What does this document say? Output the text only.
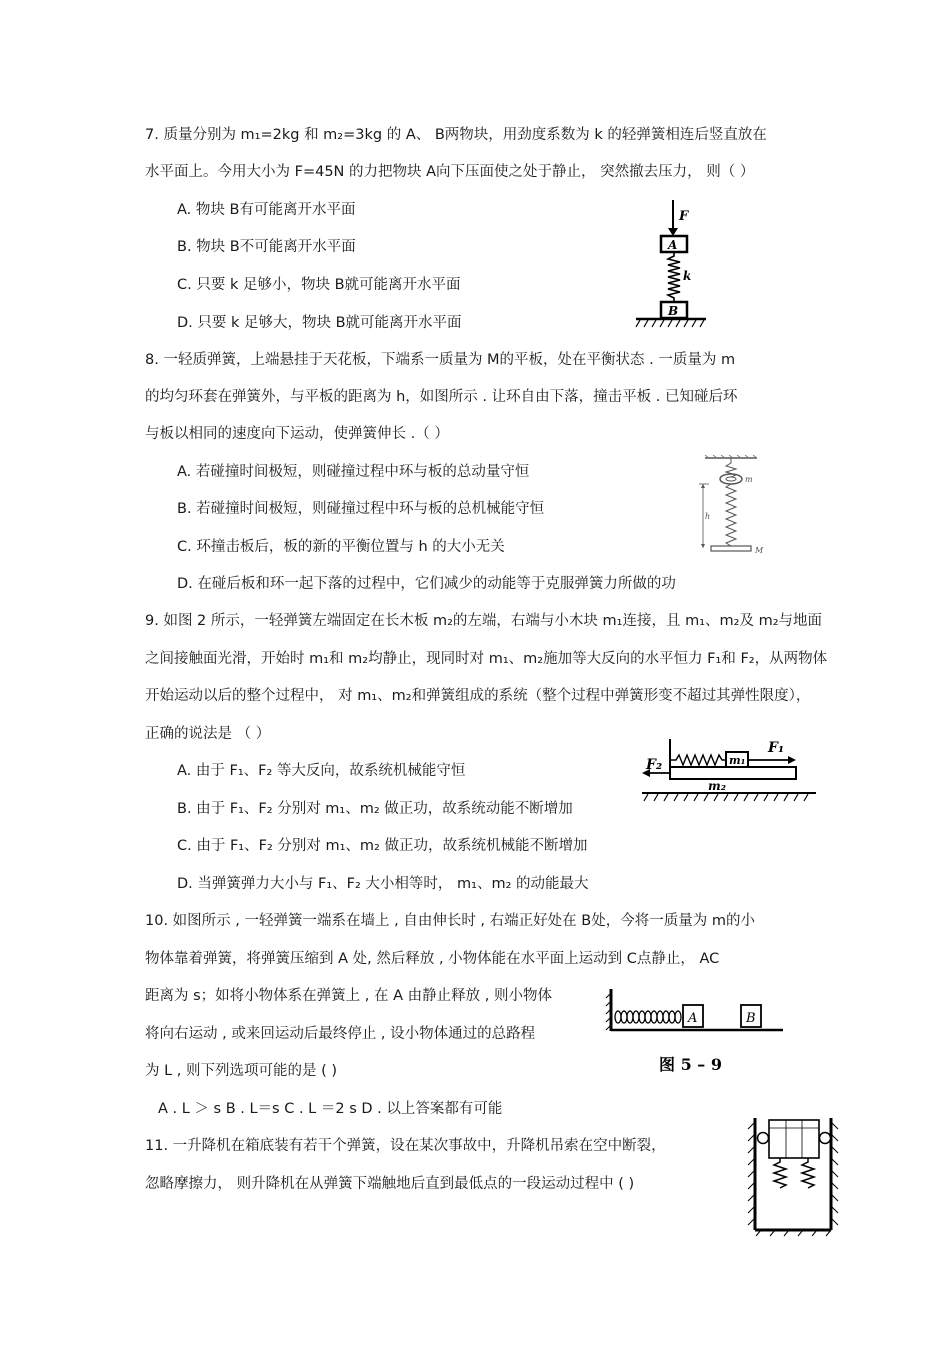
7. 质量分别为 m₁=2kg 和 m₂=3kg 的 A、 B两物块，用劲度系数为 k 的轻弹簧相连后竖直放在
水平面上。今用大小为 F=45N 的力把物块 A向下压面使之处于静止， 突然撤去压力， 则（ ）
A. 物块 B有可能离开水平面
B. 物块 B不可能离开水平面
C. 只要 k 足够小，物块 B就可能离开水平面
D. 只要 k 足够大，物块 B就可能离开水平面
F
A
k
B
8. 一轻质弹簧，上端悬挂于天花板，下端系一质量为 M的平板，处在平衡状态 . 一质量为 m
的均匀环套在弹簧外，与平板的距离为 h，如图所示 . 让环自由下落，撞击平板 . 已知碰后环
与板以相同的速度向下运动，使弹簧伸长 .（ ）
A. 若碰撞时间极短，则碰撞过程中环与板的总动量守恒
B. 若碰撞时间极短，则碰撞过程中环与板的总机械能守恒
C. 环撞击板后，板的新的平衡位置与 h 的大小无关
D. 在碰后板和环一起下落的过程中，它们减少的动能等于克服弹簧力所做的功
m
h
M
9. 如图 2 所示，一轻弹簧左端固定在长木板 m₂的左端，右端与小木块 m₁连接，且 m₁、m₂及 m₂与地面
之间接触面光滑，开始时 m₁和 m₂均静止，现同时对 m₁、m₂施加等大反向的水平恒力 F₁和 F₂，从两物体
开始运动以后的整个过程中， 对 m₁、m₂和弹簧组成的系统（整个过程中弹簧形变不超过其弹性限度），
正确的说法是 （ ）
A. 由于 F₁、F₂ 等大反向，故系统机械能守恒
B. 由于 F₁、F₂ 分别对 m₁、m₂ 做正功，故系统动能不断增加
C. 由于 F₁、F₂ 分别对 m₁、m₂ 做正功，故系统机械能不断增加
D. 当弹簧弹力大小与 F₁、F₂ 大小相等时， m₁、m₂ 的动能最大
m₁
F₁
m₂
F₂
10. 如图所示 , 一轻弹簧一端系在墙上 , 自由伸长时 , 右端正好处在 B处，今将一质量为 m的小
物体靠着弹簧，将弹簧压缩到 A 处, 然后释放 , 小物体能在水平面上运动到 C点静止， AC
距离为 s；如将小物体系在弹簧上 , 在 A 由静止释放 , 则小物体
将向右运动 , 或来回运动后最终停止 , 设小物体通过的总路程
为 L , 则下列选项可能的是 ( )
A . L ＞ s B . L＝s C . L ＝2 s D . 以上答案都有可能
A	B
图 5 – 9
11. 一升降机在箱底装有若干个弹簧，设在某次事故中，升降机吊索在空中断裂，
忽略摩擦力， 则升降机在从弹簧下端触地后直到最低点的一段运动过程中 ( )
